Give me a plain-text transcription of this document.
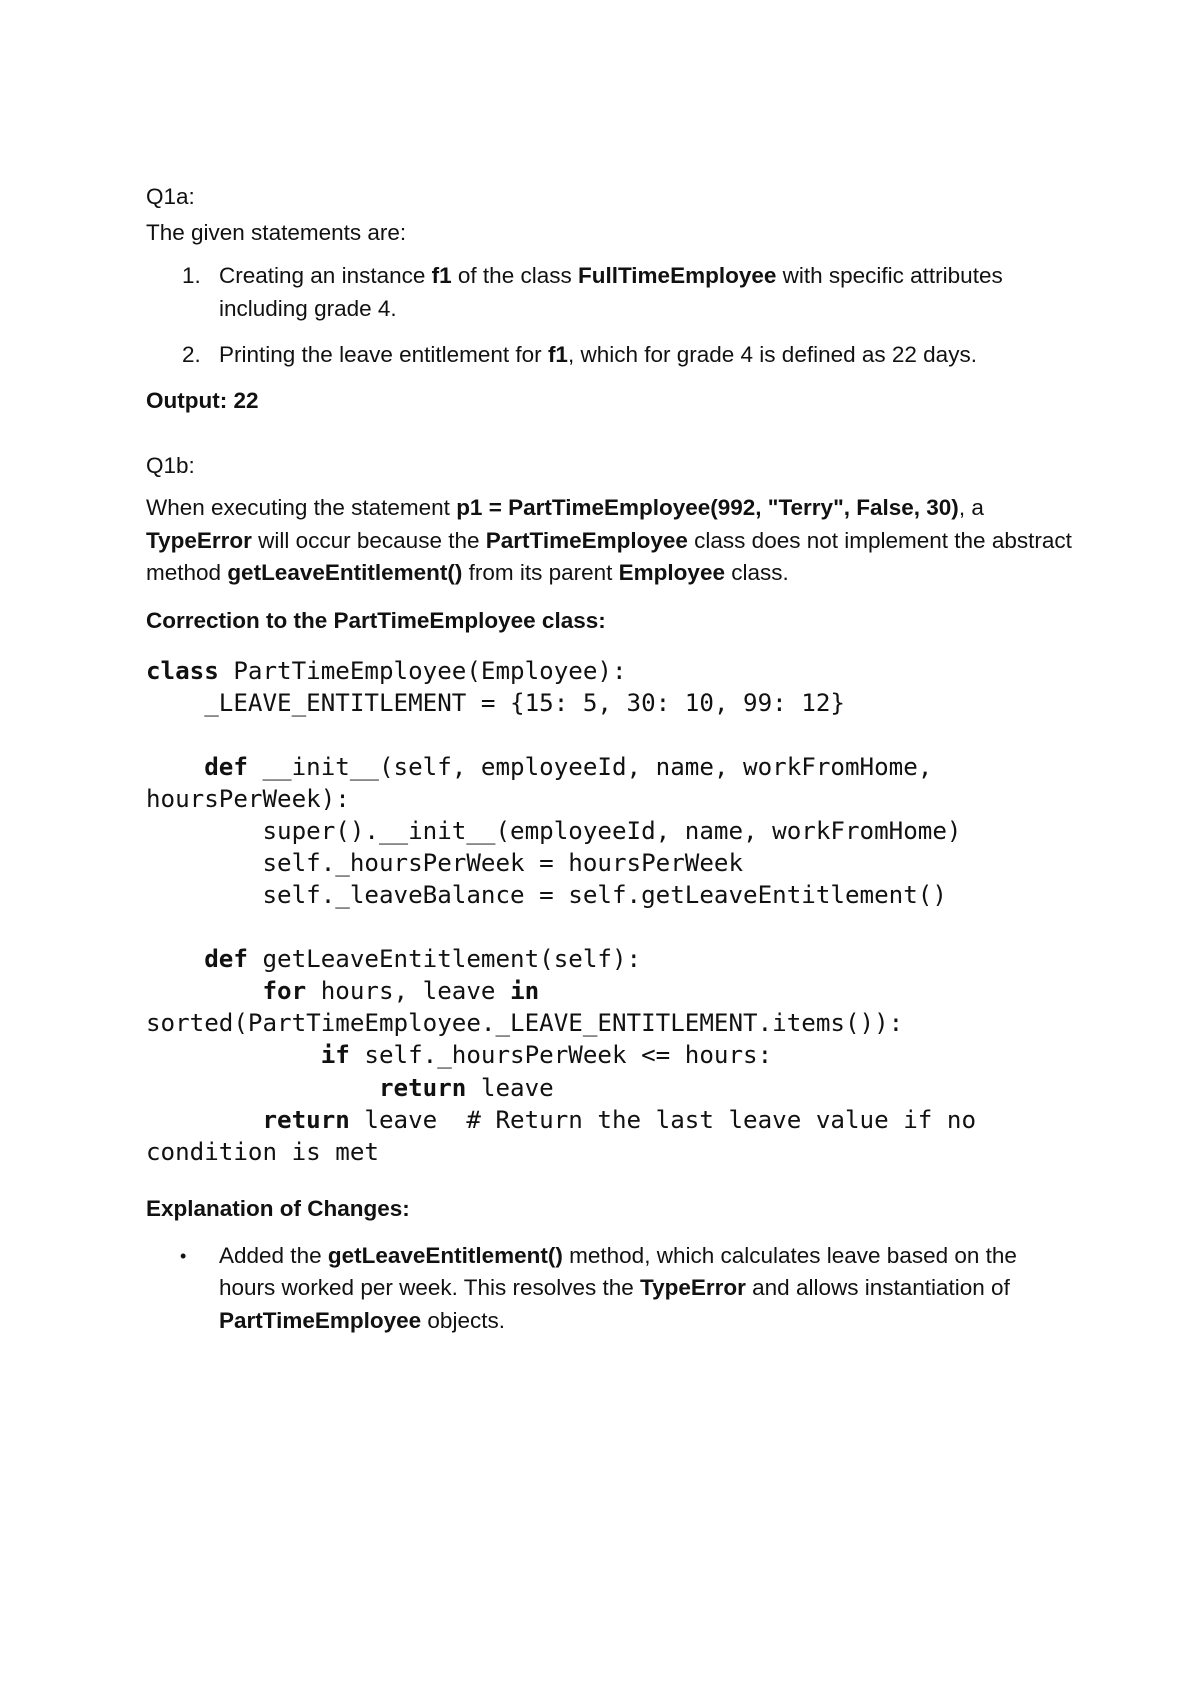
Q1a:

The given statements are:

1. Creating an instance f1 of the class FullTimeEmployee with specific attributes including grade 4.
2. Printing the leave entitlement for f1, which for grade 4 is defined as 22 days.

Output: 22

Q1b:

When executing the statement p1 = PartTimeEmployee(992, "Terry", False, 30), a TypeError will occur because the PartTimeEmployee class does not implement the abstract method getLeaveEntitlement() from its parent Employee class.

Correction to the PartTimeEmployee class:

class PartTimeEmployee(Employee):
_LEAVE_ENTITLEMENT = {15: 5, 30: 10, 99: 12}
def __init__(self, employeeId, name, workFromHome,
hoursPerWeek):
super().__init__(employeeId, name, workFromHome)
self._hoursPerWeek = hoursPerWeek
self._leaveBalance = self.getLeaveEntitlement()
def getLeaveEntitlement(self):
for hours, leave in
sorted(PartTimeEmployee._LEAVE_ENTITLEMENT.items()):
if self._hoursPerWeek <= hours:
return leave
return leave  # Return the last leave value if no
condition is met

Explanation of Changes:

•	Added the getLeaveEntitlement() method, which calculates leave based on the hours worked per week. This resolves the TypeError and allows instantiation of PartTimeEmployee objects.
